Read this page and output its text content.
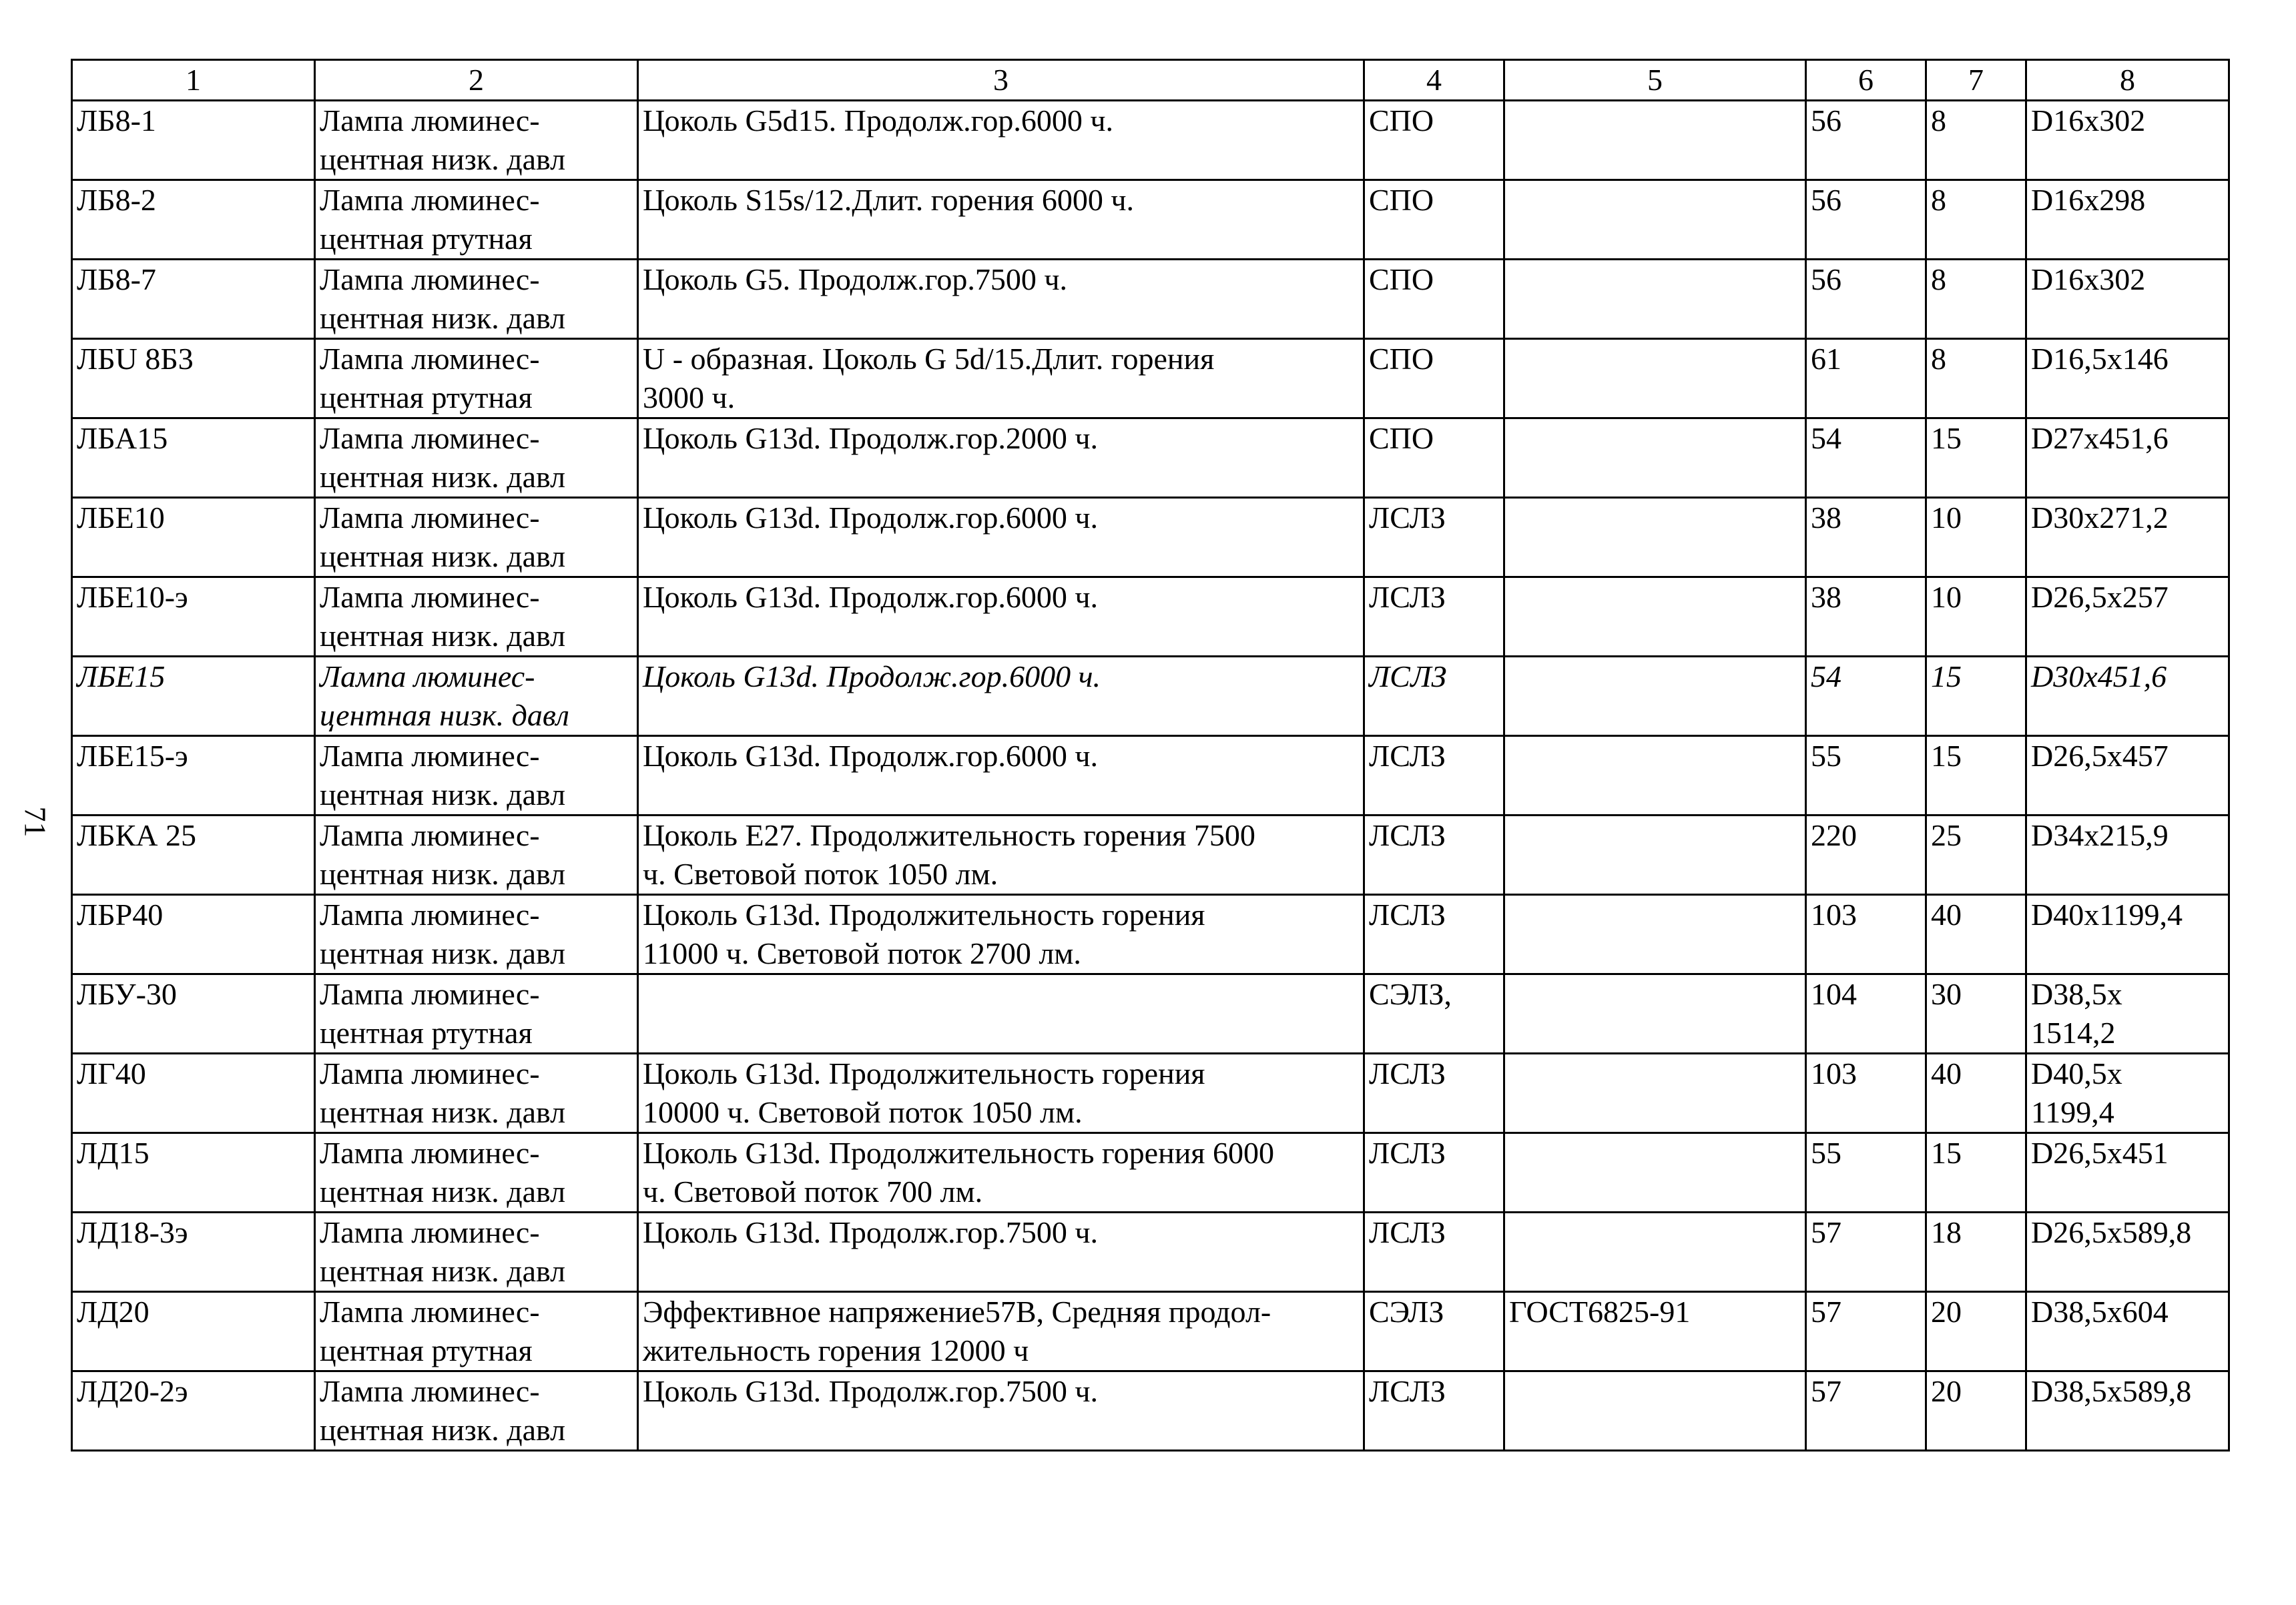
71
1	2	3	4	5	6	7	8

ЛБ8-1	Лампа люминес-
центная низк. давл	Цоколь G5d15. Продолж.гор.6000 ч.	СПО		56	8	D16x302

ЛБ8-2	Лампа люминес-
центная ртутная	Цоколь S15s/12.Длит. горения 6000 ч.	СПО		56	8	D16x298

ЛБ8-7	Лампа люминес-
центная низк. давл	Цоколь G5. Продолж.гор.7500 ч.	СПО		56	8	D16x302

ЛБU 8Б3	Лампа люминес-
центная ртутная	U - образная. Цоколь G 5d/15.Длит. горения
3000 ч.	СПО		61	8	D16,5x146

ЛБА15	Лампа люминес-
центная низк. давл	Цоколь G13d. Продолж.гор.2000 ч.	СПО		54	15	D27x451,6

ЛБЕ10	Лампа люминес-
центная низк. давл	Цоколь G13d. Продолж.гор.6000 ч.	ЛСЛЗ		38	10	D30x271,2

ЛБЕ10-э	Лампа люминес-
центная низк. давл	Цоколь G13d. Продолж.гор.6000 ч.	ЛСЛЗ		38	10	D26,5x257

ЛБЕ15	Лампа люминес-
центная низк. давл	Цоколь G13d. Продолж.гор.6000 ч.	ЛСЛЗ		54	15	D30x451,6

ЛБЕ15-э	Лампа люминес-
центная низк. давл	Цоколь G13d. Продолж.гор.6000 ч.	ЛСЛЗ		55	15	D26,5x457

ЛБКА 25	Лампа люминес-
центная низк. давл	Цоколь Е27. Продолжительность горения 7500
ч. Световой поток 1050 лм.	ЛСЛЗ		220	25	D34x215,9

ЛБР40	Лампа люминес-
центная низк. давл	Цоколь G13d. Продолжительность горения
11000 ч. Световой поток 2700 лм.	ЛСЛЗ		103	40	D40x1199,4

ЛБУ-30	Лампа люминес-
центная ртутная		СЭЛЗ,		104	30	D38,5x
1514,2

ЛГ40	Лампа люминес-
центная низк. давл	Цоколь G13d. Продолжительность горения
10000 ч. Световой поток 1050 лм.	ЛСЛЗ		103	40	D40,5x
1199,4

ЛД15	Лампа люминес-
центная низк. давл	Цоколь G13d. Продолжительность горения 6000
ч. Световой поток 700 лм.	ЛСЛЗ		55	15	D26,5x451

ЛД18-3э	Лампа люминес-
центная низк. давл	Цоколь G13d. Продолж.гор.7500 ч.	ЛСЛЗ		57	18	D26,5x589,8

ЛД20	Лампа люминес-
центная ртутная	Эффективное напряжение57В, Средняя продол-
жительность горения 12000 ч	СЭЛЗ	ГОСТ6825-91	57	20	D38,5x604

ЛД20-2э	Лампа люминес-
центная низк. давл	Цоколь G13d. Продолж.гор.7500 ч.	ЛСЛЗ		57	20	D38,5x589,8
